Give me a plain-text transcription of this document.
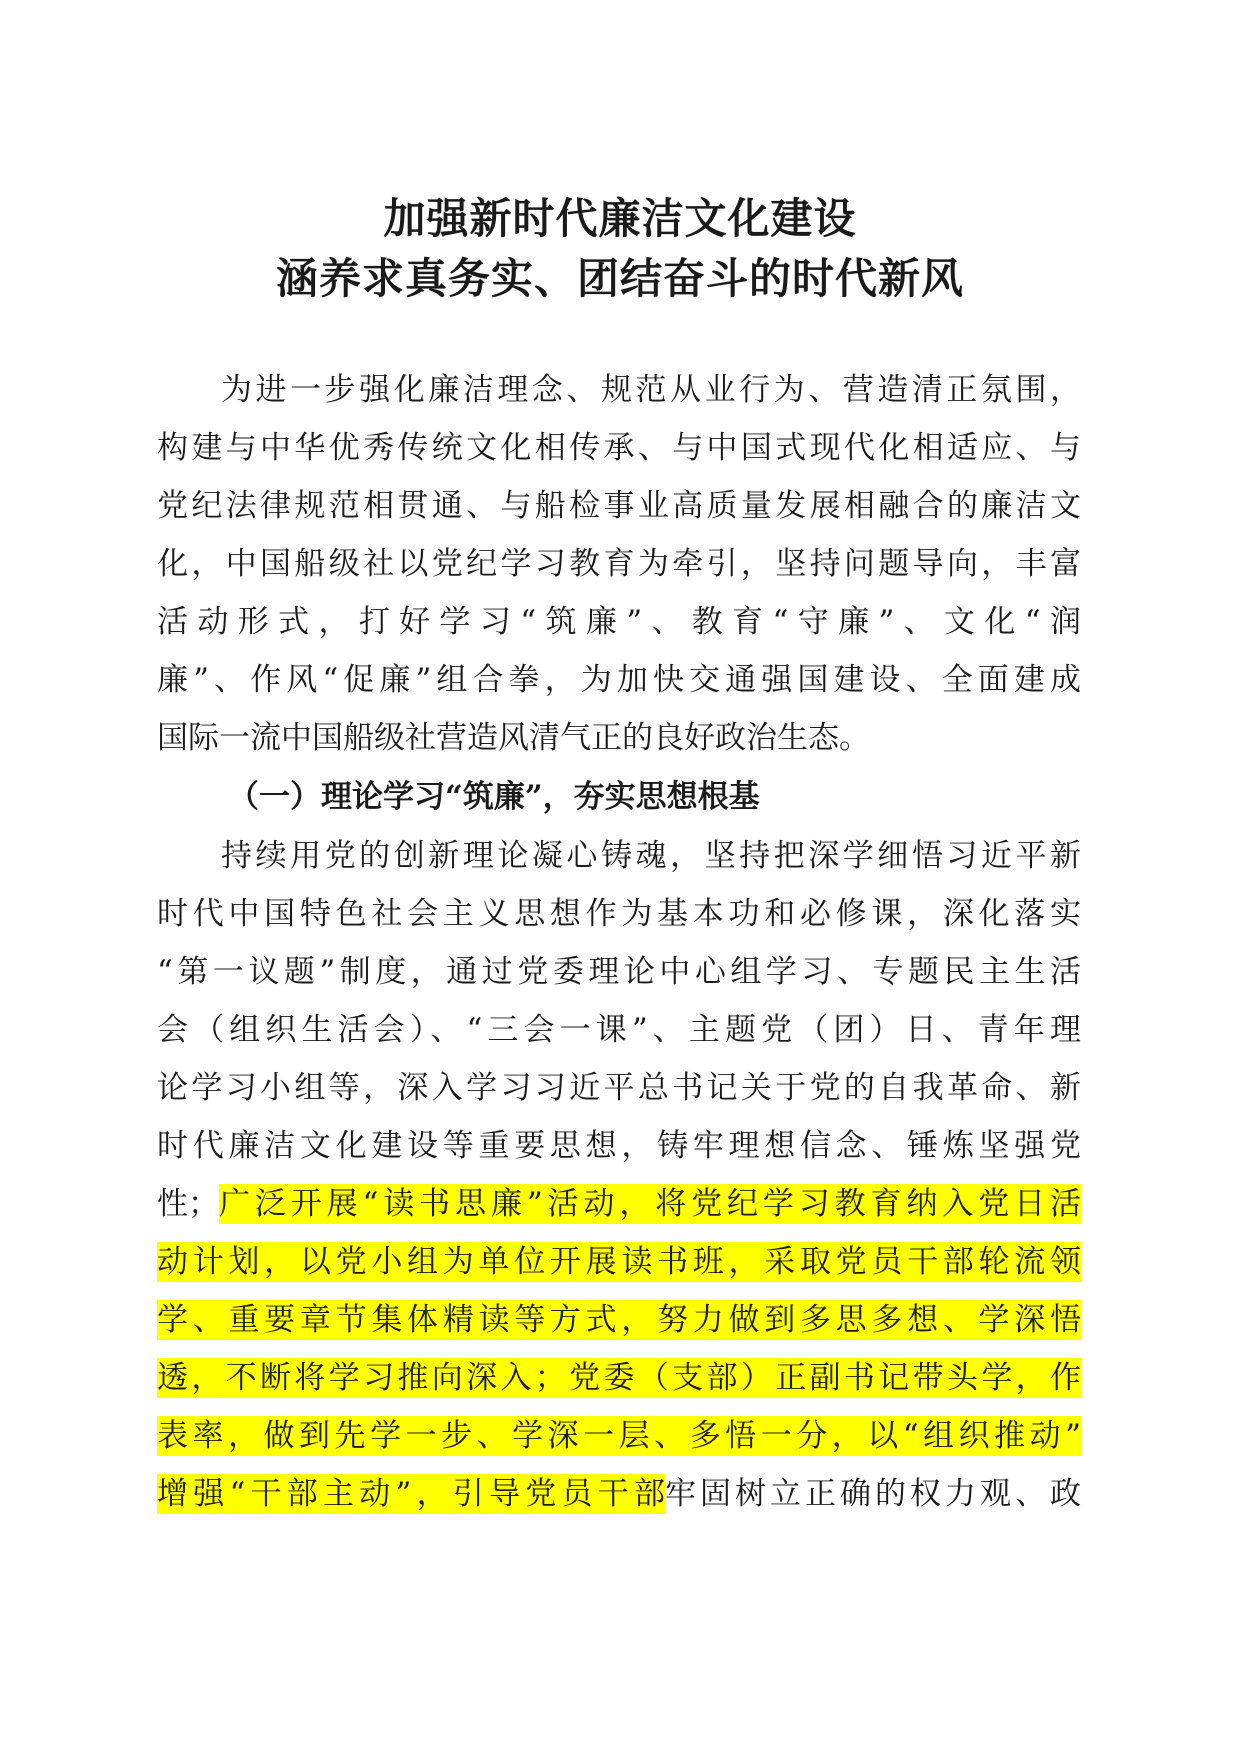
加强新时代廉洁文化建设
涵养求真务实、团结奋斗的时代新风
为进一步强化廉洁理念、规范从业行为、营造清正氛围，
构建与中华优秀传统文化相传承、与中国式现代化相适应、与
党纪法律规范相贯通、与船检事业高质量发展相融合的廉洁文
化，中国船级社以党纪学习教育为牵引，坚持问题导向，丰富
活动形式，打好学习“筑廉”、教育“守廉”、文化“润
廉”、作风“促廉”组合拳，为加快交通强国建设、全面建成
国际一流中国船级社营造风清气正的良好政治生态。
（一）理论学习“筑廉”，夯实思想根基
持续用党的创新理论凝心铸魂，坚持把深学细悟习近平新
时代中国特色社会主义思想作为基本功和必修课，深化落实
“第一议题”制度，通过党委理论中心组学习、专题民主生活
会（组织生活会）、“三会一课”、主题党（团）日、青年理
论学习小组等，深入学习习近平总书记关于党的自我革命、新
时代廉洁文化建设等重要思想，铸牢理想信念、锤炼坚强党
性； 广泛开展“读书思廉”活动，将党纪学习教育纳入党日活
动计划，以党小组为单位开展读书班，采取党员干部轮流领
学、重要章节集体精读等方式，努力做到多思多想、学深悟
透，不断将学习推向深入；党委（支部）正副书记带头学，作
表率，做到先学一步、学深一层、多悟一分，以“组织推动”
增强“干部主动”，引导党员干部 牢固树立正确的权力观、政
